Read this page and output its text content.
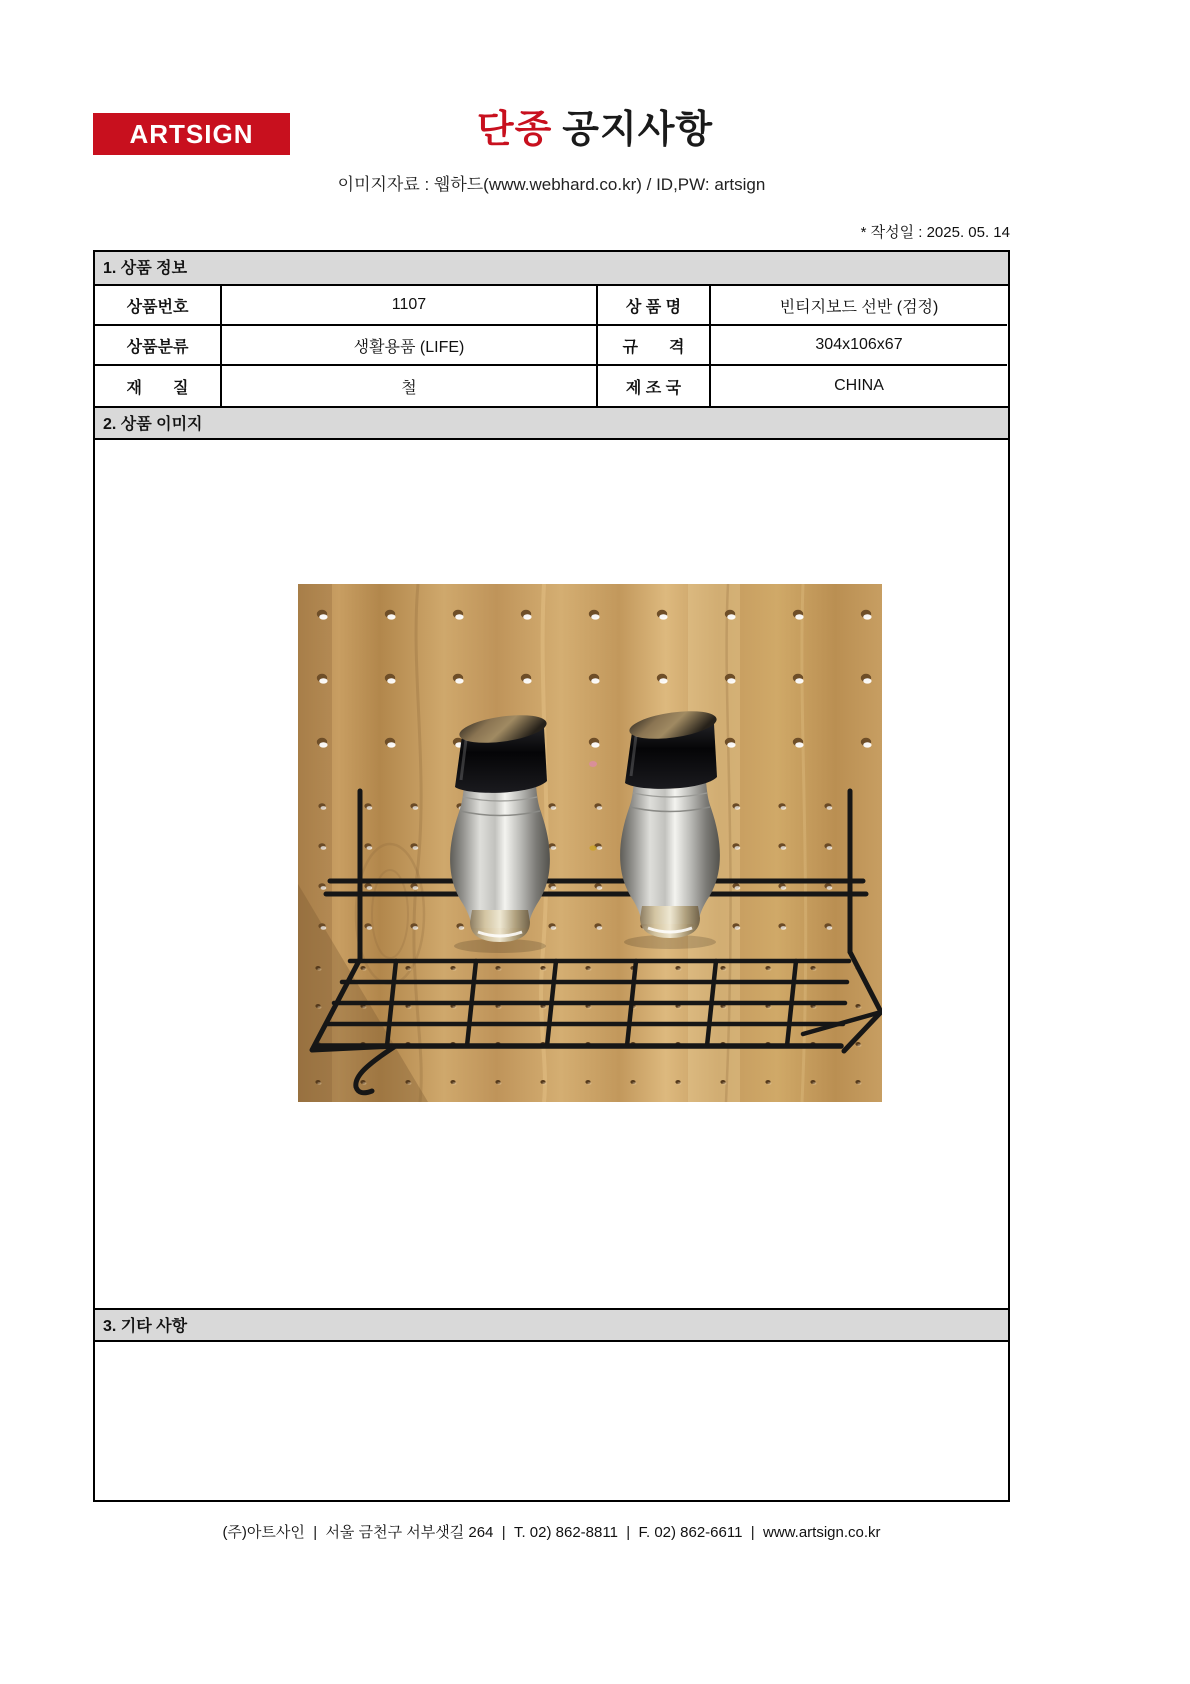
ARTSIGN	단종 공지사항
이미지자료 : 웹하드(www.webhard.co.kr) / ID,PW: artsign
* 작성일 : 2025. 05. 14
1. 상품 정보
상품번호	1107	상 품 명	빈티지보드 선반 (검정)
상품분류	생활용품 (LIFE)	규       격	304x106x67
재       질	철	제 조 국	CHINA
2. 상품 이미지
3. 기타 사항
(주)아트사인  |  서울 금천구 서부샛길 264  |  T. 02) 862-8811  |  F. 02) 862-6611  |  www.artsign.co.kr
